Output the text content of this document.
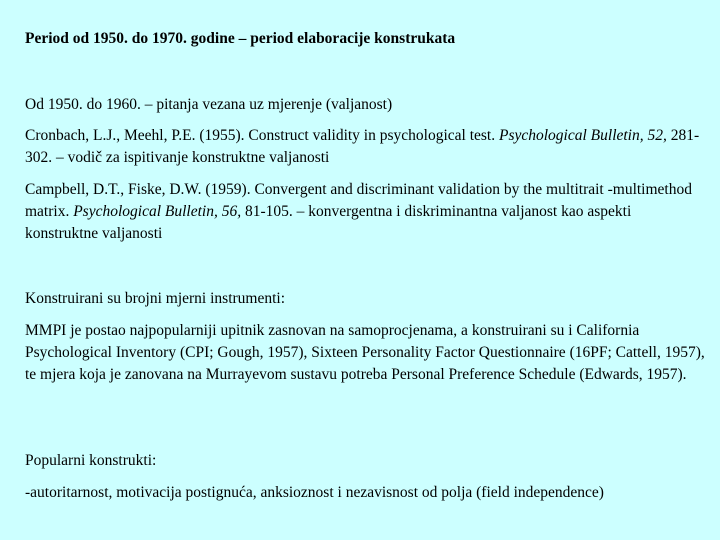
Period od 1950. do 1970. godine – period elaboracije konstrukata
Od 1950. do 1960. – pitanja vezana uz mjerenje (valjanost)
Cronbach, L.J., Meehl, P.E. (1955). Construct validity in psychological test. Psychological Bulletin, 52, 281-302. – vodič za ispitivanje konstruktne valjanosti
Campbell, D.T., Fiske, D.W. (1959). Convergent and discriminant validation by the multitrait -multimethod matrix. Psychological Bulletin, 56, 81-105. – konvergentna i diskriminantna valjanost kao aspekti konstruktne valjanosti
Konstruirani su brojni mjerni instrumenti:
MMPI je postao najpopularniji upitnik zasnovan na samoprocjenama, a konstruirani su i California Psychological Inventory (CPI; Gough, 1957), Sixteen Personality Factor Questionnaire (16PF; Cattell, 1957), te mjera koja je zanovana na Murrayevom sustavu potreba Personal Preference Schedule (Edwards, 1957).
Popularni konstrukti:
-autoritarnost, motivacija postignuća, anksioznost i nezavisnost od polja (field independence)
